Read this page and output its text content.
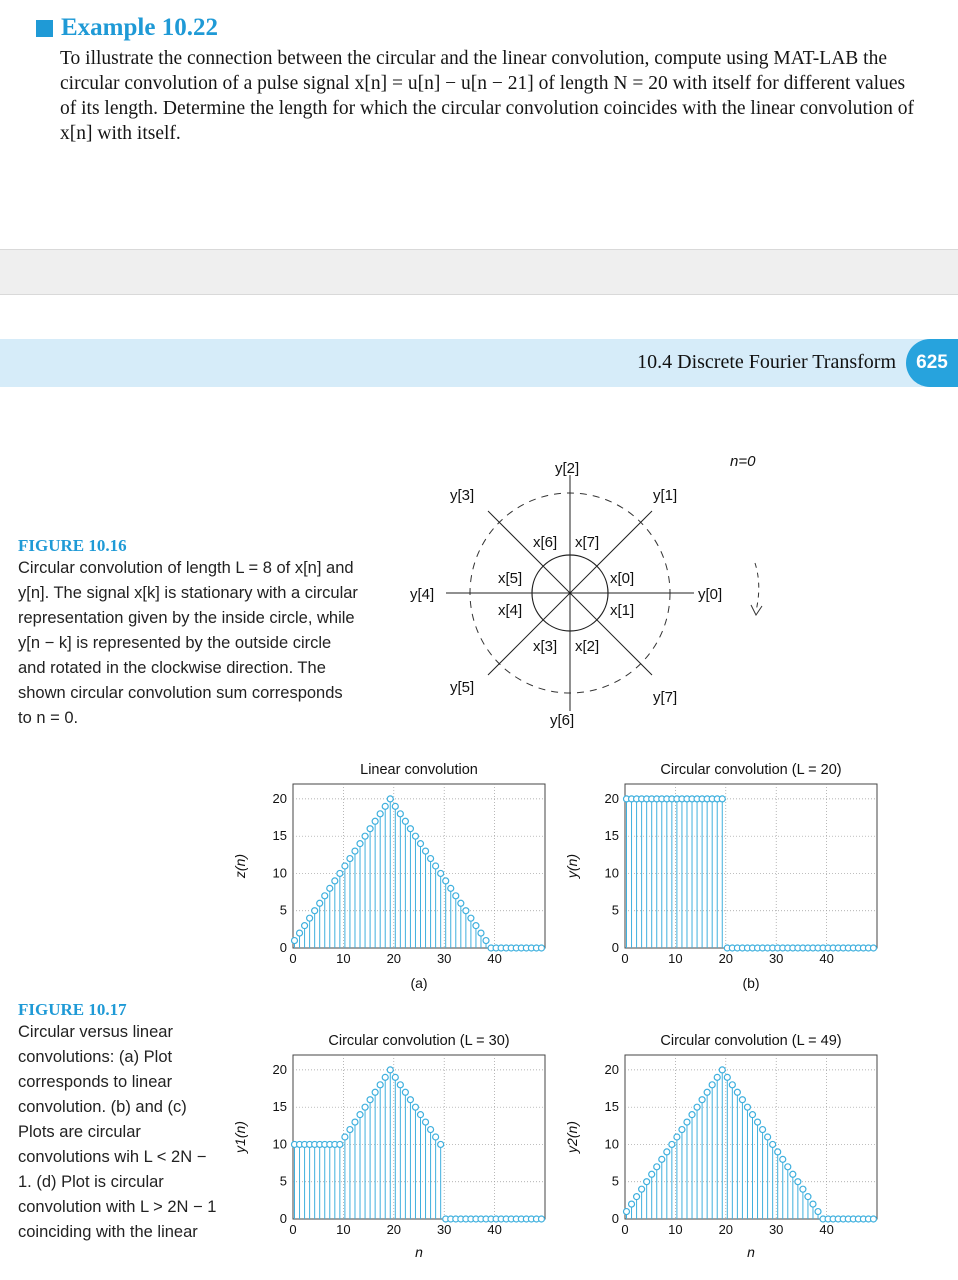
Example 10.22
To illustrate the connection between the circular and the linear convolution, compute using MAT-LAB the circular convolution of a pulse signal x[n] = u[n] − u[n − 21] of length N = 20 with itself for different values of its length. Determine the length for which the circular convolution coincides with the linear convolution of x[n] with itself.
10.4 Discrete Fourier Transform	625
FIGURE 10.16
Circular convolution of length L = 8 of x[n] and y[n]. The signal x[k] is stationary with a circular representation given by the inside circle, while y[n − k] is represented by the outside circle and rotated in the clockwise direction. The shown circular convolution sum corresponds to n = 0.
n=0
y[2]
y[1]
y[3]
y[0]
y[4]
y[5]
y[7]
y[6]
x[6] x[7]
x[5]
x[4]
x[0]
x[1]
x[3] x[2]
FIGURE 10.17
Circular versus linear convolutions: (a) Plot corresponds to linear convolution. (b) and (c) Plots are circular convolutions wih L < 2N − 1. (d) Plot is circular convolution with L > 2N − 1 coinciding with the linear
0	10	20	30	40
0
5
10
15
20
Linear convolution
z(n)
(a)
0	10	20	30	40
0
5
10
15
20
Circular convolution (L = 20)
y(n)
(b)
0	10	20	30	40
0
5
10
15
20
Circular convolution (L = 30)
y1(n)
n
0	10	20	30	40
0
5
10
15
20
Circular convolution (L = 49)
y2(n)
n
